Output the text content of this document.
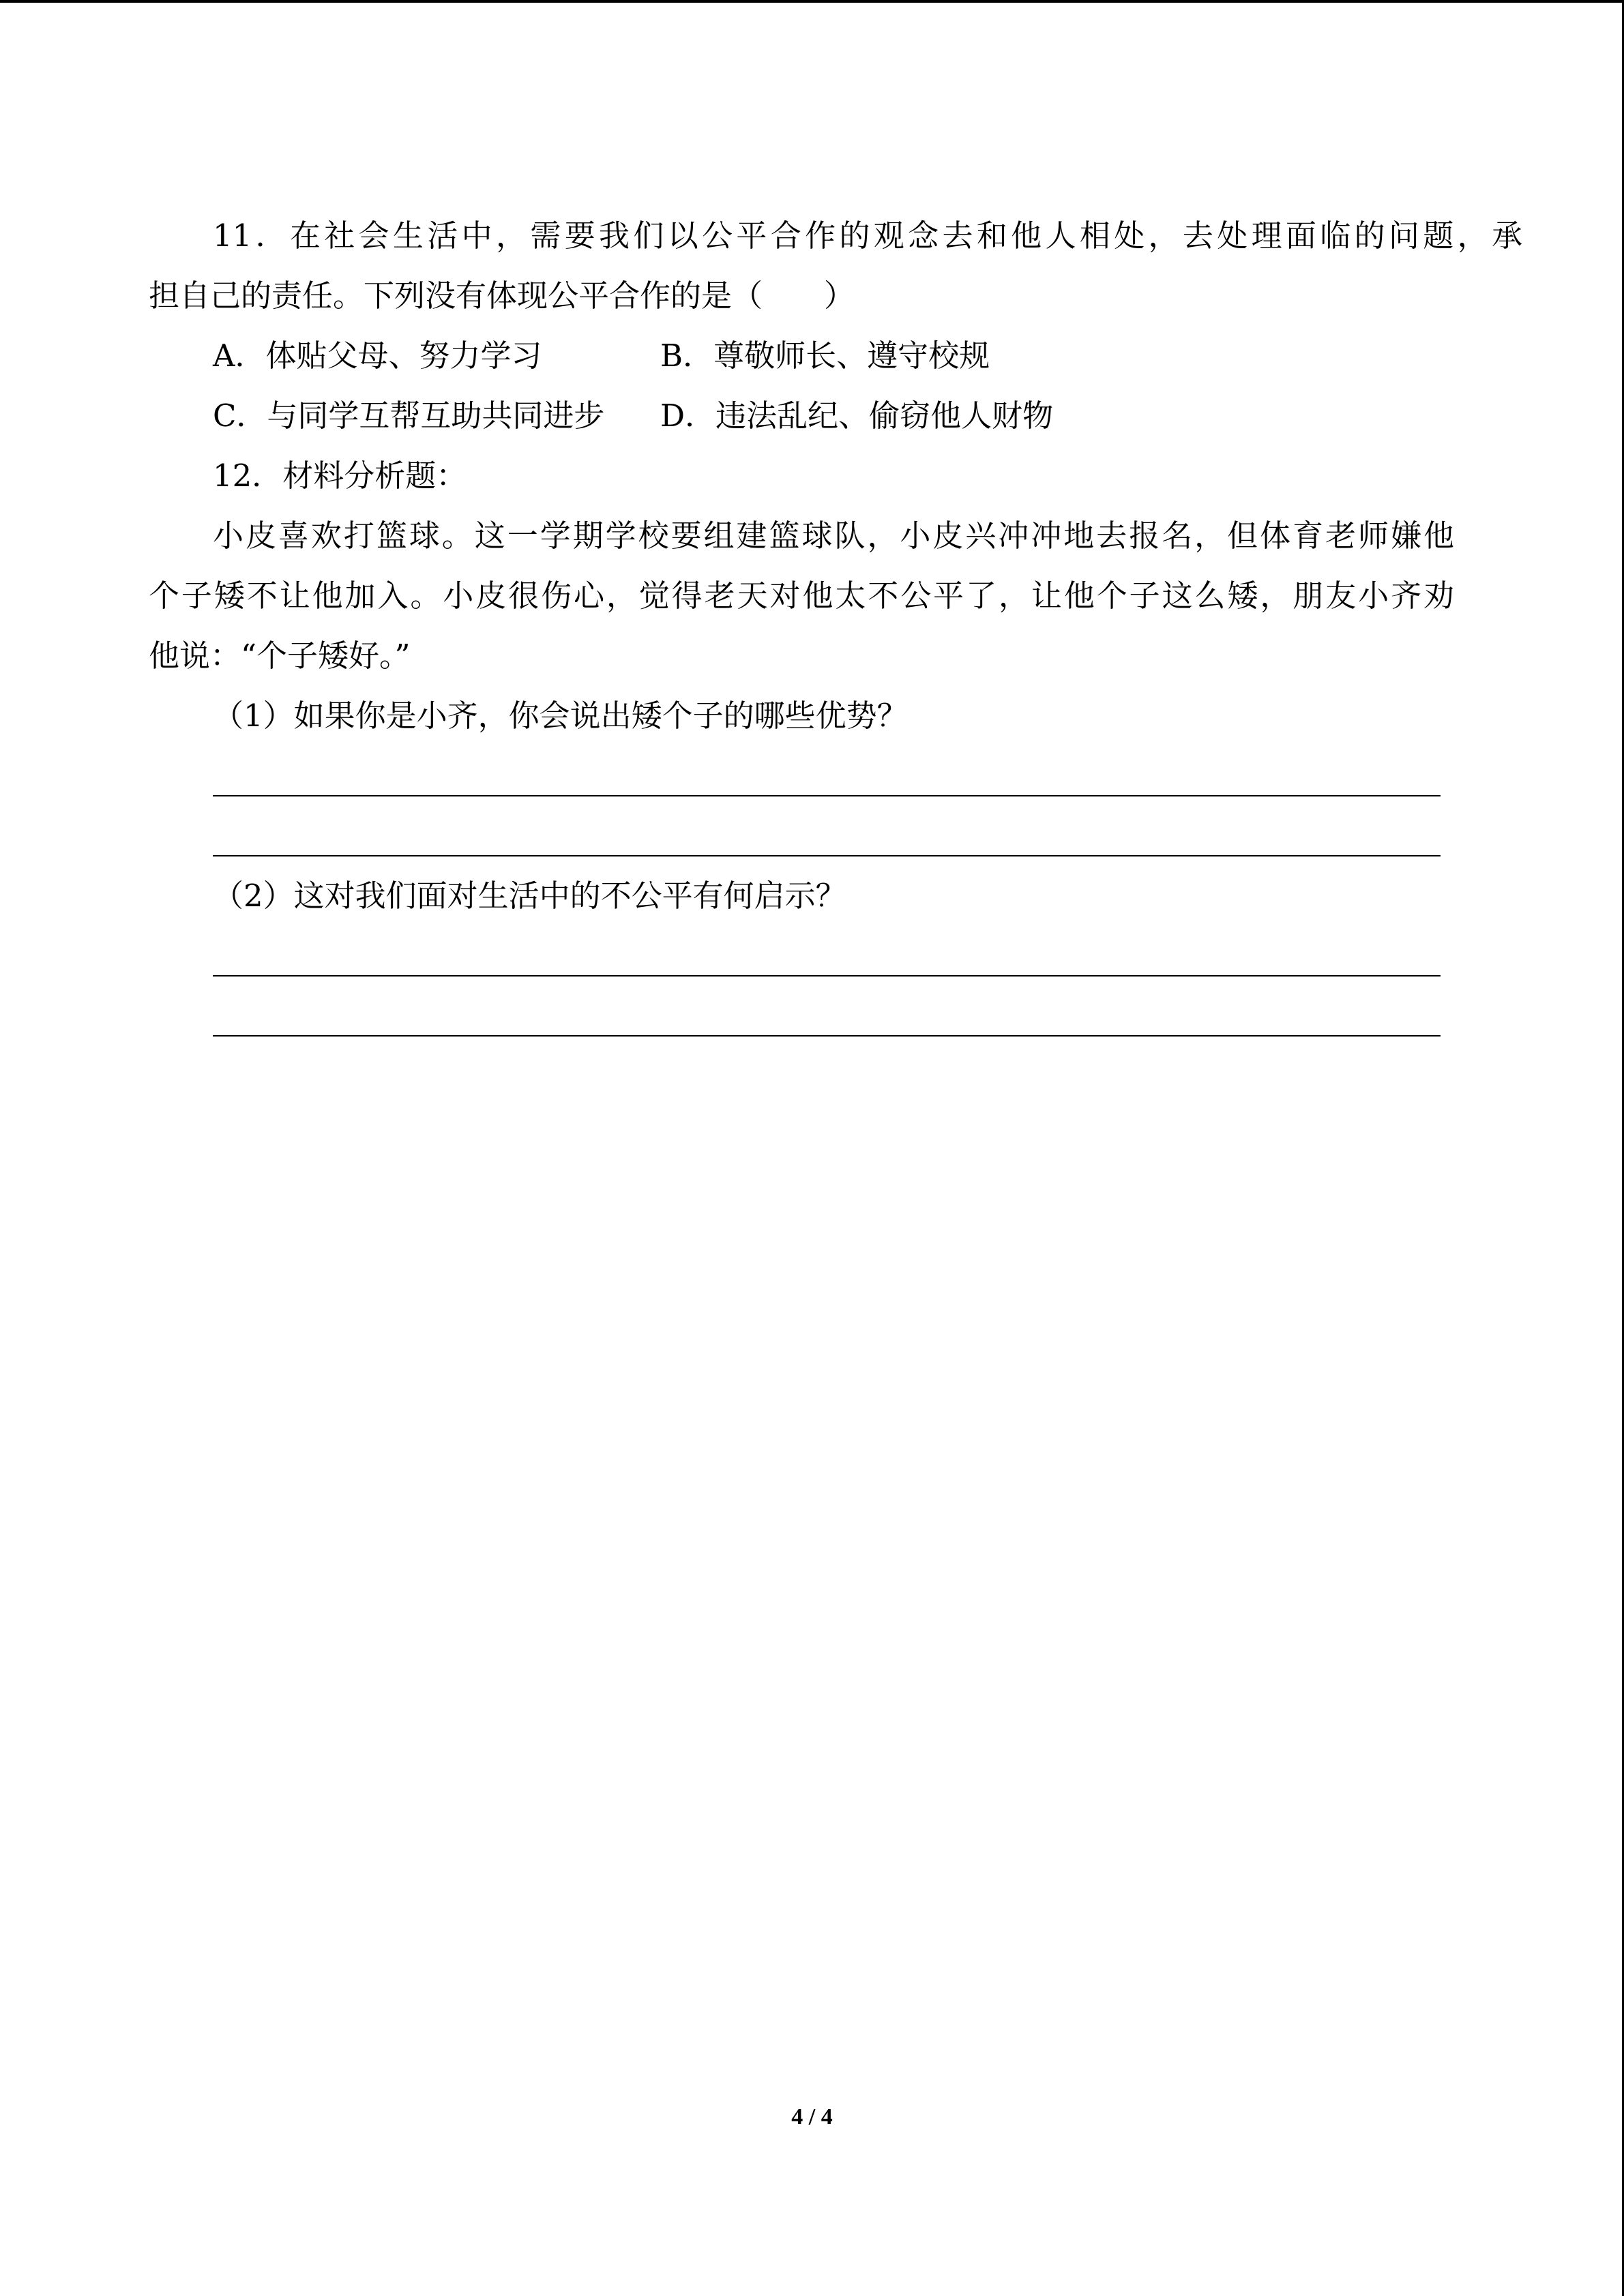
11．在社会生活中，需要我们以公平合作的观念去和他人相处，去处理面临的问题，承
担自己的责任。下列没有体现公平合作的是（　　）
A．体贴父母、努力学习	B．尊敬师长、遵守校规
C．与同学互帮互助共同进步 D．违法乱纪、偷窃他人财物
12．材料分析题：
小皮喜欢打篮球。这一学期学校要组建篮球队，小皮兴冲冲地去报名，但体育老师嫌他
个子矮不让他加入。小皮很伤心，觉得老天对他太不公平了，让他个子这么矮，朋友小齐劝
他说：“个子矮好。”
（1）如果你是小齐，你会说出矮个子的哪些优势？
（2）这对我们面对生活中的不公平有何启示？
4 / 4
